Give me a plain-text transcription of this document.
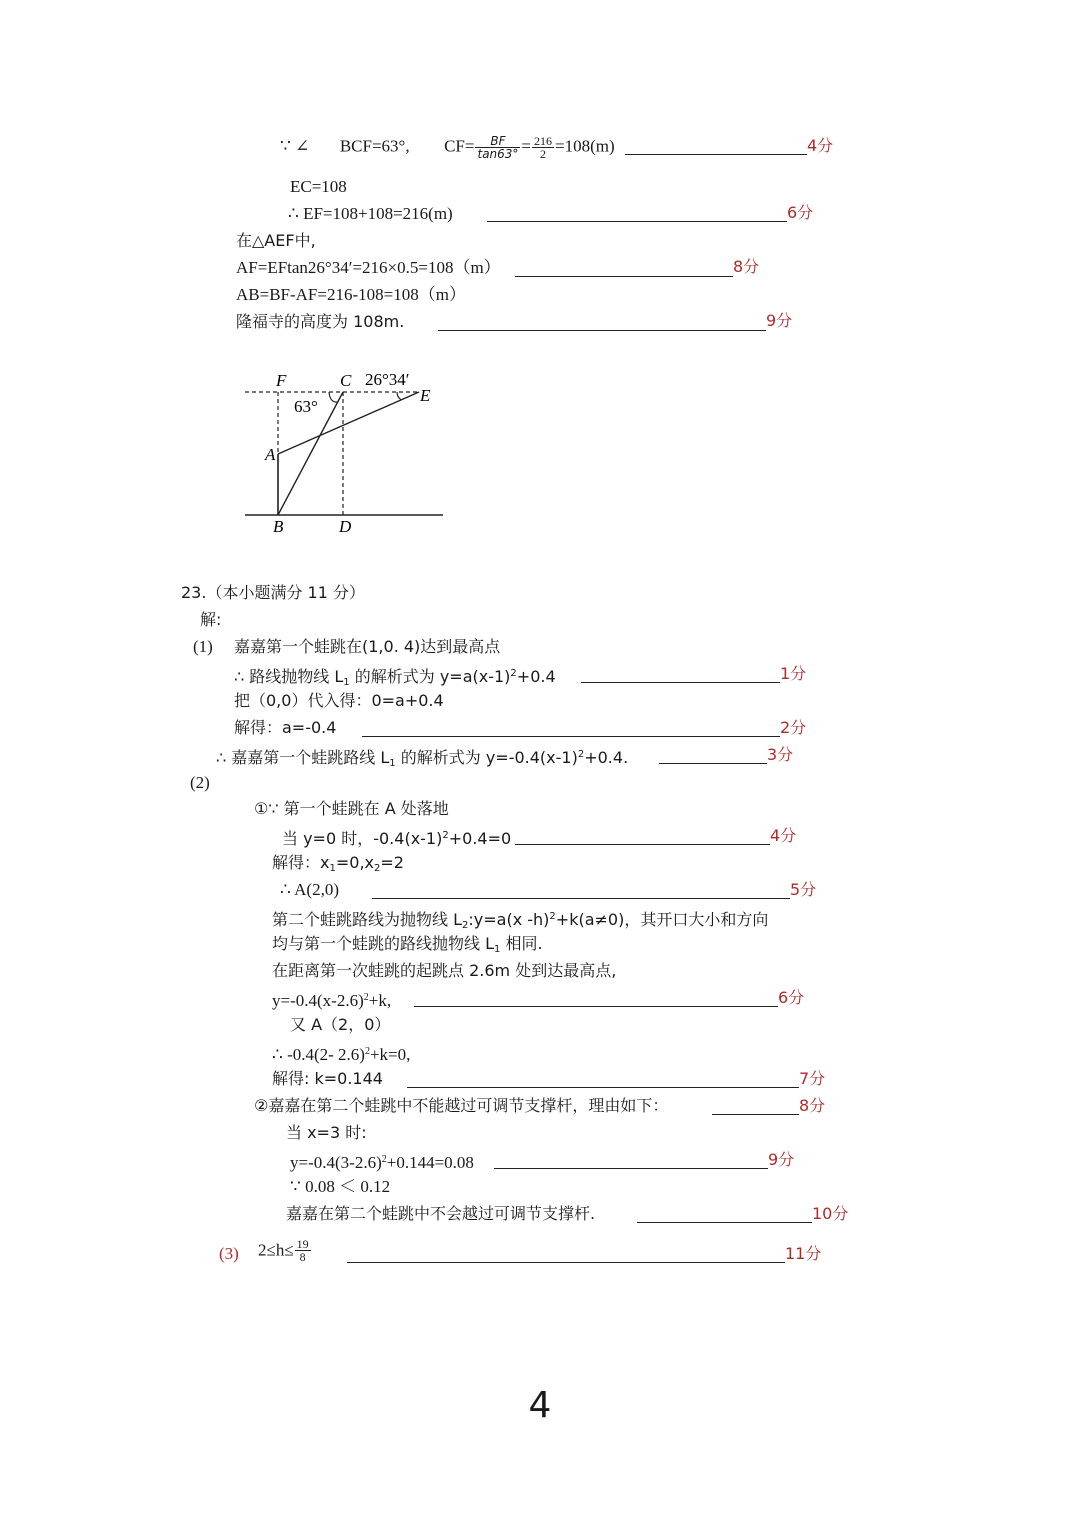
∵ ∠ BCF=63°, $CF= \frac{BF}{\tan 63^\circ} = \frac{216}{2} =108(m)$	4分
EC=108
∴ EF=108+108=216(m)	6分
在△AEF中,
AF=EFtan26°34′=216×0.5=108（m）	8分
AB=BF-AF=216-108=108（m）
隆福寺的高度为 108m.	9分
F	C 26°34′
E
63°
A
B	D
23.（本小题满分 11 分）
解:
(1) 嘉嘉第一个蛙跳在(1,0. 4)达到最高点
∴ 路线抛物线 $L_1$ 的解析式为 $y=a(x-1)^2+0.4$	1分
把（0,0）代入得：0=a+0.4
解得：a=-0.4	2分
∴ 嘉嘉第一个蛙跳路线 $L_1$ 的解析式为 $y=-0.4(x-1)^2+0.4$.	3分
(2)
①∵ 第一个蛙跳在 A 处落地
当 y=0 时，$-0.4(x-1)^2+0.4=0$	4分
解得：$x_1=0,x_2=2$
∴ A(2,0)	5分
第二个蛙跳路线为抛物线 $L_2:y=a(x$ -h)$^2$+k(a≠0)，其开口大小和方向
均与第一个蛙跳的路线抛物线 $L_1$ 相同.
在距离第一次蛙跳的起跳点 2.6m 处到达最高点,
$y=-0.4(x-2.6)^2+k$,	6分
又 A（2，0）
∴ -0.4(2- 2.6)$^2$+k=0,
解得: k=0.144	7分
②嘉嘉在第二个蛙跳中不能越过可调节支撑杆，理由如下：	8分
当 x=3 时:
$y=-0.4(3-2.6)^2+0.144=0.08$	9分
∵ 0.08 ＜ 0.12
嘉嘉在第二个蛙跳中不会越过可调节支撑杆.	10分
(3) $2\le h\le \frac{19}{8}$	11分
4
